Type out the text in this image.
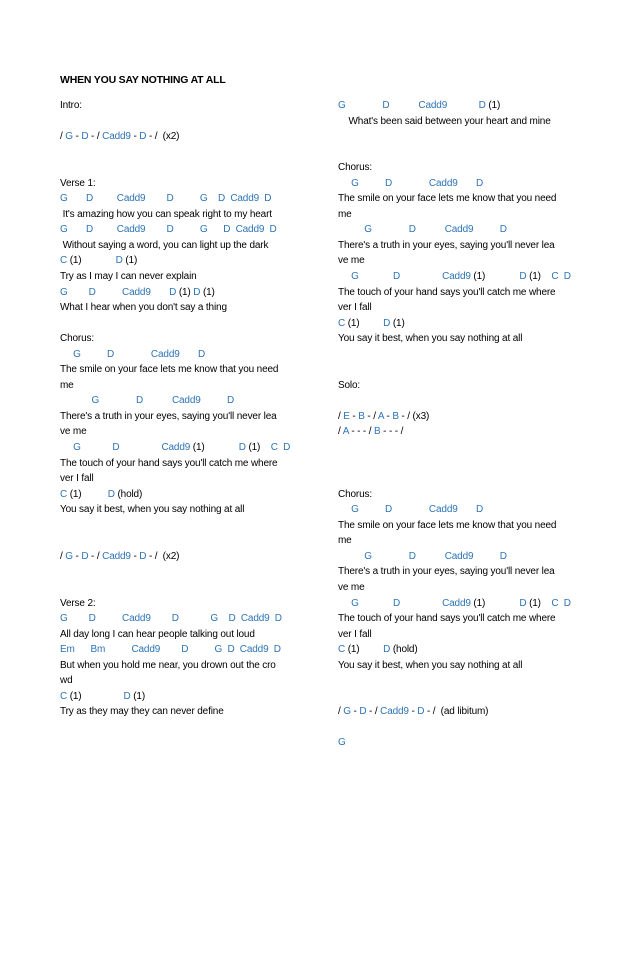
WHEN YOU SAY NOTHING AT ALL
Intro:
/ G - D - / Cadd9 - D - /  (x2)
Verse 1:
G       D         Cadd9        D          G    D  Cadd9  D
It's amazing how you can speak right to my heart
G       D         Cadd9        D          G      D  Cadd9  D
Without saying a word, you can light up the dark
C (1)             D (1)
Try as I may I can never explain
G        D          Cadd9       D (1) D (1)
What I hear when you don't say a thing
Chorus:
G          D              Cadd9       D
The smile on your face lets me know that you need
me
G              D           Cadd9          D
There's a truth in your eyes, saying you'll never lea
ve me
G            D                Cadd9 (1)             D (1)    C  D
The touch of your hand says you'll catch me where
ver I fall
C (1)          D (hold)
You say it best, when you say nothing at all
/ G - D - / Cadd9 - D - /  (x2)
Verse 2:
G        D          Cadd9        D            G    D  Cadd9  D
All day long I can hear people talking out loud
Em      Bm          Cadd9        D          G  D  Cadd9  D
But when you hold me near, you drown out the cro
wd
C (1)                D (1)
Try as they may they can never define
G              D           Cadd9            D (1)
What's been said between your heart and mine
Chorus:
G          D              Cadd9       D
The smile on your face lets me know that you need
me
G              D           Cadd9          D
There's a truth in your eyes, saying you'll never lea
ve me
G             D                Cadd9 (1)             D (1)    C  D
The touch of your hand says you'll catch me where
ver I fall
C (1)         D (1)
You say it best, when you say nothing at all
Solo:
/ E - B - / A - B - / (x3)
/ A - - - / B - - - /
Chorus:
G          D              Cadd9       D
The smile on your face lets me know that you need
me
G              D           Cadd9          D
There's a truth in your eyes, saying you'll never lea
ve me
G             D                Cadd9 (1)             D (1)    C  D
The touch of your hand says you'll catch me where
ver I fall
C (1)         D (hold)
You say it best, when you say nothing at all
/ G - D - / Cadd9 - D - /  (ad libitum)
G
